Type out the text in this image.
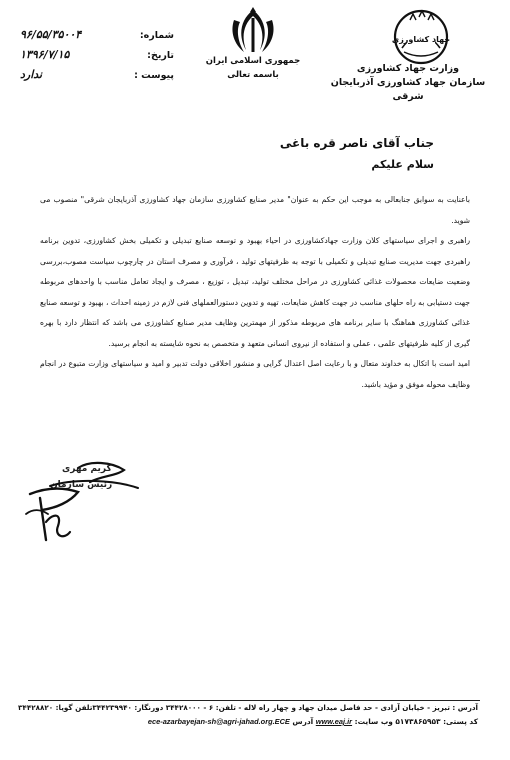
جهاد کشاورزی
وزارت جهاد کشاورزی
سازمان جهاد کشاورزی آذربایجان شرقی
جمهوری اسلامی ایران
باسمه تعالی
شماره:
۹۶/۵۵/۳۵۰۰۴
تاریخ:
۱۳۹۶/۷/۱۵
پیوست :
ندارد
جناب آقای ناصر قره باغی
سلام علیکم

باعنایت به سوابق جنابعالی به موجب این حکم به عنوان" مدیر صنایع کشاورزی سازمان جهاد کشاورزی آذربایجان شرقی" منصوب می شوید.

راهبری و اجرای سیاستهای کلان وزارت جهادکشاورزی در احیاء بهبود و توسعه صنایع تبدیلی و تکمیلی بخش کشاورزی، تدوین برنامه راهبردی جهت مدیریت صنایع تبدیلی و تکمیلی با توجه به ظرفیتهای تولید ، فرآوری و مصرف استان در چارچوب سیاست مصوب،بررسی وضعیت ضایعات محصولات غذائی کشاورزی در مراحل مختلف تولید، تبدیل ، توزیع ، مصرف و ایجاد تعامل مناسب با واحدهای مربوطه جهت دستیابی به راه حلهای مناسب در جهت کاهش ضایعات، تهیه و تدوین دستورالعملهای فنی لازم در زمینه احداث ، بهبود و توسعه صنایع غذائی کشاورزی هماهنگ با سایر برنامه های مربوطه مذکور از مهمترین وظایف مدیر صنایع کشاورزی می باشد که انتظار دارد با بهره گیری از کلیه ظرفیتهای علمی ، عملی و استفاده از نیروی انسانی متعهد و متخصص به نحوه شایسته به انجام برسید.

امید است با اتکال به خداوند متعال و با رعایت اصل اعتدال گرایی و منشور اخلاقی دولت تدبیر و امید و سیاستهای وزارت متبوع در انجام وظایف محوله موفق و مؤید باشید.

کریم مهری
رئیس سازمان
آدرس : تبریز - خیابان آزادی - حد فاصل میدان جهاد و چهار راه لاله - تلفن: ۶ - ۳۴۴۲۸۰۰۰ دورنگار: ۳۴۴۲۳۹۹۴۰تلفن گویا: ۳۴۴۲۸۸۲۰
کد پستی: ۵۱۷۳۸۶۵۹۵۳ وب سایت: www.eaj.ir آدرس ece-azarbayejan-sh@agri-jahad.org.ECE
